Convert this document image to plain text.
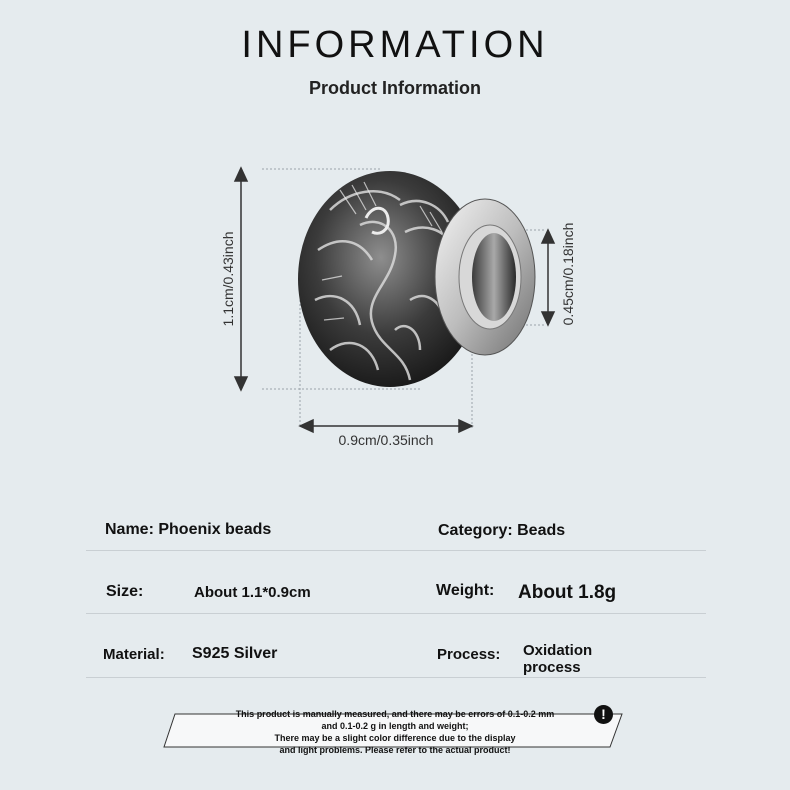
INFORMATION
Product Information
1.1cm/0.43inch	0.45cm/0.18inch
0.9cm/0.35inch
Name: Phoenix beads	Category: Beads
Size:	About 1.1*0.9cm	Weight: About 1.8g
Material: S925 Silver	Process: Oxidation
process
This product is manually measured, and there may be errors of 0.1-0.2 mm
and 0.1-0.2 g in length and weight;
There may be a slight color difference due to the display
and light problems. Please refer to the actual product!
!
